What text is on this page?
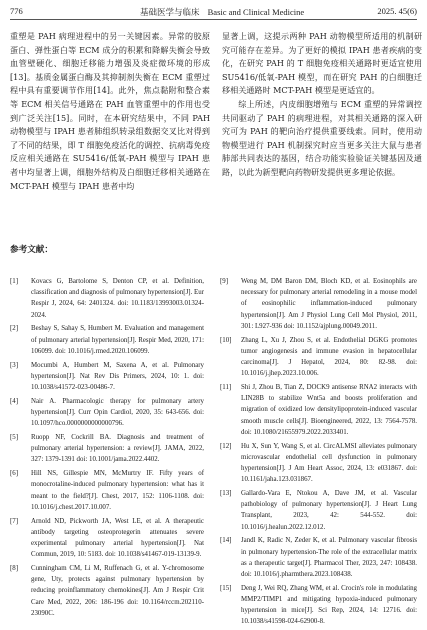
776	基础医学与临床 Basic and Clinical Medicine	2025. 45(6)

重塑是 PAH 病理进程中的另一关键因素。异常的胶原蛋白、弹性蛋白等 ECM 成分的积累和降解失衡会导致血管壁硬化、细胞迁移能力增强及炎症微环境的形成[13]。基质金属蛋白酶及其抑制剂失衡在 ECM 重塑过程中具有重要调节作用[14]。此外，焦点黏附和整合素等 ECM 相关信号通路在 PAH 血管重塑中的作用也受到广泛关注[15]。同时，在本研究结果中，不同 PAH 动物模型与 IPAH 患者肺组织转录组数据交叉比对得到了不同的结果，即 T 细胞免疫活化的调控、抗病毒免疫反应相关通路在 SU5416/低氧-PAH 模型与 IPAH 患者中均显著上调，细胞外结构及白细胞迁移相关通路在 MCT-PAH 模型与 IPAH 患者中均

显著上调，这提示两种 PAH 动物模型所适用的机制研究可能存在差异。为了更好的模拟 IPAH 患者疾病的变化，在研究 PAH 的 T 细胞免疫相关通路时更适宜使用 SU5416/低氧-PAH 模型，而在研究 PAH 的白细胞迁移相关通路时 MCT-PAH 模型是更适宜的。

综上所述，内皮细胞增殖与 ECM 重塑的异常调控共同驱动了 PAH 的病理进程，对其相关通路的深入研究可为 PAH 的靶向治疗提供重要线索。同时，使用动物模型进行 PAH 机制探究时应当更多关注大鼠与患者肺部共同表达的基因，结合功能实验验证关键基因及通路，以此为新型靶向药物研发提供更多理论依据。

参考文献：
[1] Kovacs G, Bartolome S, Denton CP, et al. Definition, classification and diagnosis of pulmonary hypertension[J]. Eur Respir J, 2024, 64: 2401324. doi: 10.1183/13993003.01324-2024.
[2] Beshay S, Sahay S, Humbert M. Evaluation and management of pulmonary arterial hypertension[J]. Respir Med, 2020, 171: 106099. doi: 10.1016/j.rmed.2020.106099.
[3] Mocumbi A, Humbert M, Saxena A, et al. Pulmonary hypertension[J]. Nat Rev Dis Primers, 2024, 10: 1. doi: 10.1038/s41572-023-00486-7.
[4] Nair A. Pharmacologic therapy for pulmonary artery hypertension[J]. Curr Opin Cardiol, 2020, 35: 643-656. doi: 10.1097/hco.0000000000000796.
[5] Ruopp NF, Cockrill BA. Diagnosis and treatment of pulmonary arterial hypertension: a review[J]. JAMA, 2022, 327: 1379-1391 doi: 10.1001/jama.2022.4402.
[6] Hill NS, Gillespie MN, McMurtry IF. Fifty years of monocrotaline-induced pulmonary hypertension: what has it meant to the field?[J]. Chest, 2017, 152: 1106-1108. doi: 10.1016/j.chest.2017.10.007.
[7] Arnold ND, Pickworth JA, West LE, et al. A therapeutic antibody targeting osteoprotegerin attenuates severe experimental pulmonary arterial hypertension[J]. Nat Commun, 2019, 10: 5183. doi: 10.1038/s41467-019-13139-9.
[8] Cunningham CM, Li M, Ruffenach G, et al. Y-chromosome gene, Uty, protects against pulmonary hypertension by reducing proinflammatory chemokines[J]. Am J Respir Crit Care Med, 2022, 206: 186-196 doi: 10.1164/rccm.202110-23090C.
[9] Weng M, DM Baron DM, Bloch KD, et al. Eosinophils are necessary for pulmonary arterial remodeling in a mouse model of eosinophilic inflammation-induced pulmonary hypertension[J]. Am J Physiol Lung Cell Mol Physiol, 2011, 301: L927-936 doi: 10.1152/ajplung.00049.2011.
[10] Zhang L, Xu J, Zhou S, et al. Endothelial DGKG promotes tumor angiogenesis and immune evasion in hepatocellular carcinoma[J]. J Hepatol, 2024, 80: 82-98. doi: 10.1016/j.jhep.2023.10.006.
[11] Shi J, Zhou B, Tian Z, DOCK9 antisense RNA2 interacts with LIN28B to stabilize Wnt5a and boosts proliferation and migration of oxidized low densitylipoprotein-induced vascular smooth muscle cells[J]. Bioengineered, 2022, 13: 7564-7578. doi: 10.1080/21655979.2022.2033401.
[12] Hu X, Sun Y, Wang S, et al. CircALMSI alleviates pulmonary microvascular endothelial cell dysfunction in pulmonary hypertension[J]. J Am Heart Assoc, 2024, 13: e031867. doi: 10.1161/jaha.123.031867.
[13] Gallardo-Vara E, Ntokou A, Dave JM, et al. Vascular pathobiology of pulmonary hypertension[J]. J Heart Lung Transplant, 2023, 42: 544-552. doi: 10.1016/j.healun.2022.12.012.
[14] Jandl K, Radic N, Zeder K, et al. Pulmonary vascular fibrosis in pulmonary hypertension-The role of the extracellular matrix as a therapeutic target[J]. Pharmacol Ther, 2023, 247: 108438. doi: 10.1016/j.pharmthera.2023.108438.
[15] Deng J, Wei RQ, Zhang WM, et al. Crocin's role in modulating MMP2/TIMP1 and mitigating hypoxia-induced pulmonary hypertension in mice[J]. Sci Rep, 2024, 14: 12716. doi: 10.1038/s41598-024-62900-8.
